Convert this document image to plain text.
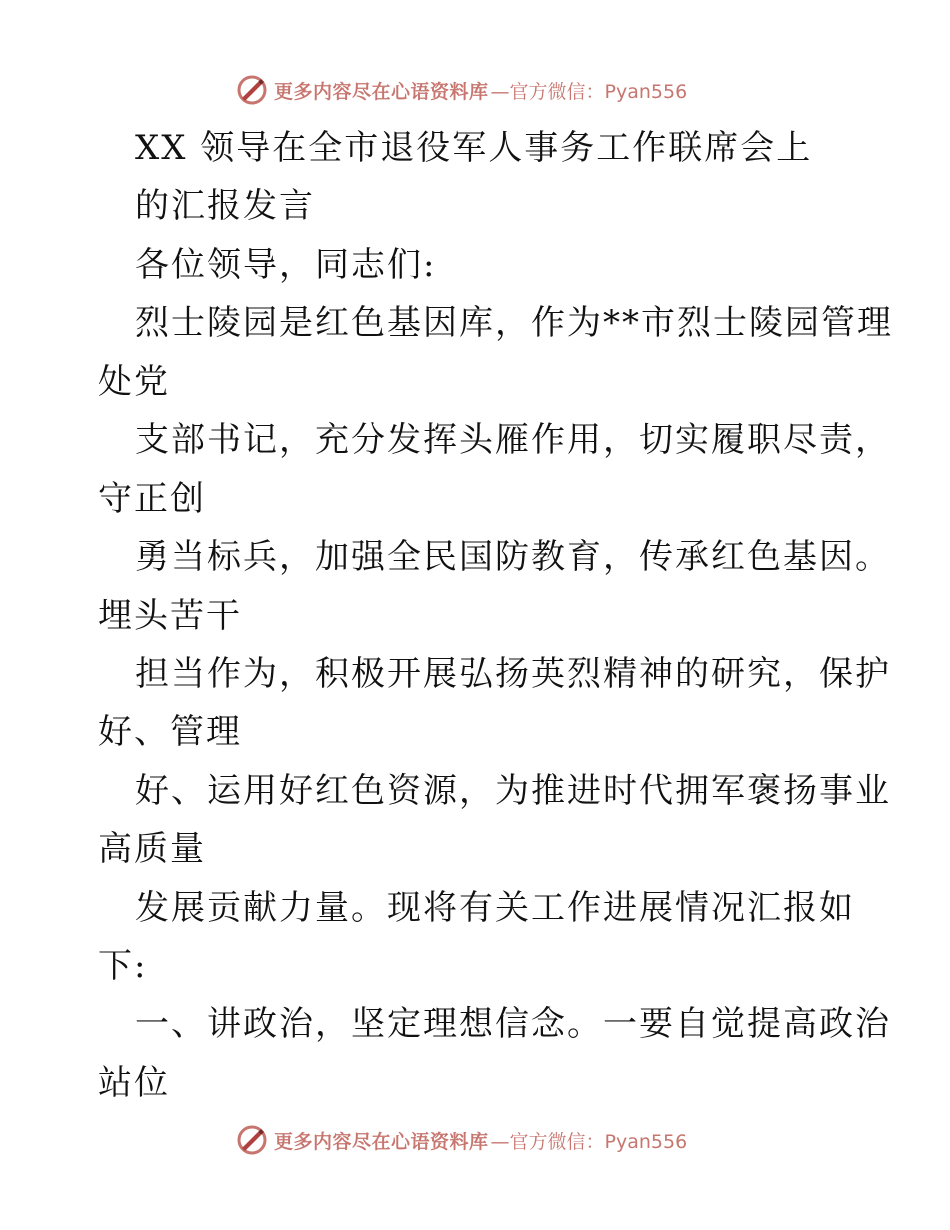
更多内容尽在心语资料库 —官方微信：Pyan556
XX 领导在全市退役军人事务工作联席会上
的汇报发言
各位领导，同志们:
烈士陵园是红色基因库，作为**市烈士陵园管理
处党
支部书记，充分发挥头雁作用，切实履职尽责，
守正创
勇当标兵，加强全民国防教育，传承红色基因。
埋头苦干
担当作为，积极开展弘扬英烈精神的研究，保护
好、管理
好、运用好红色资源，为推进时代拥军褒扬事业
高质量
发展贡献力量。现将有关工作进展情况汇报如
下:
一、讲政治，坚定理想信念。一要自觉提高政治
站位
更多内容尽在心语资料库 —官方微信：Pyan556
